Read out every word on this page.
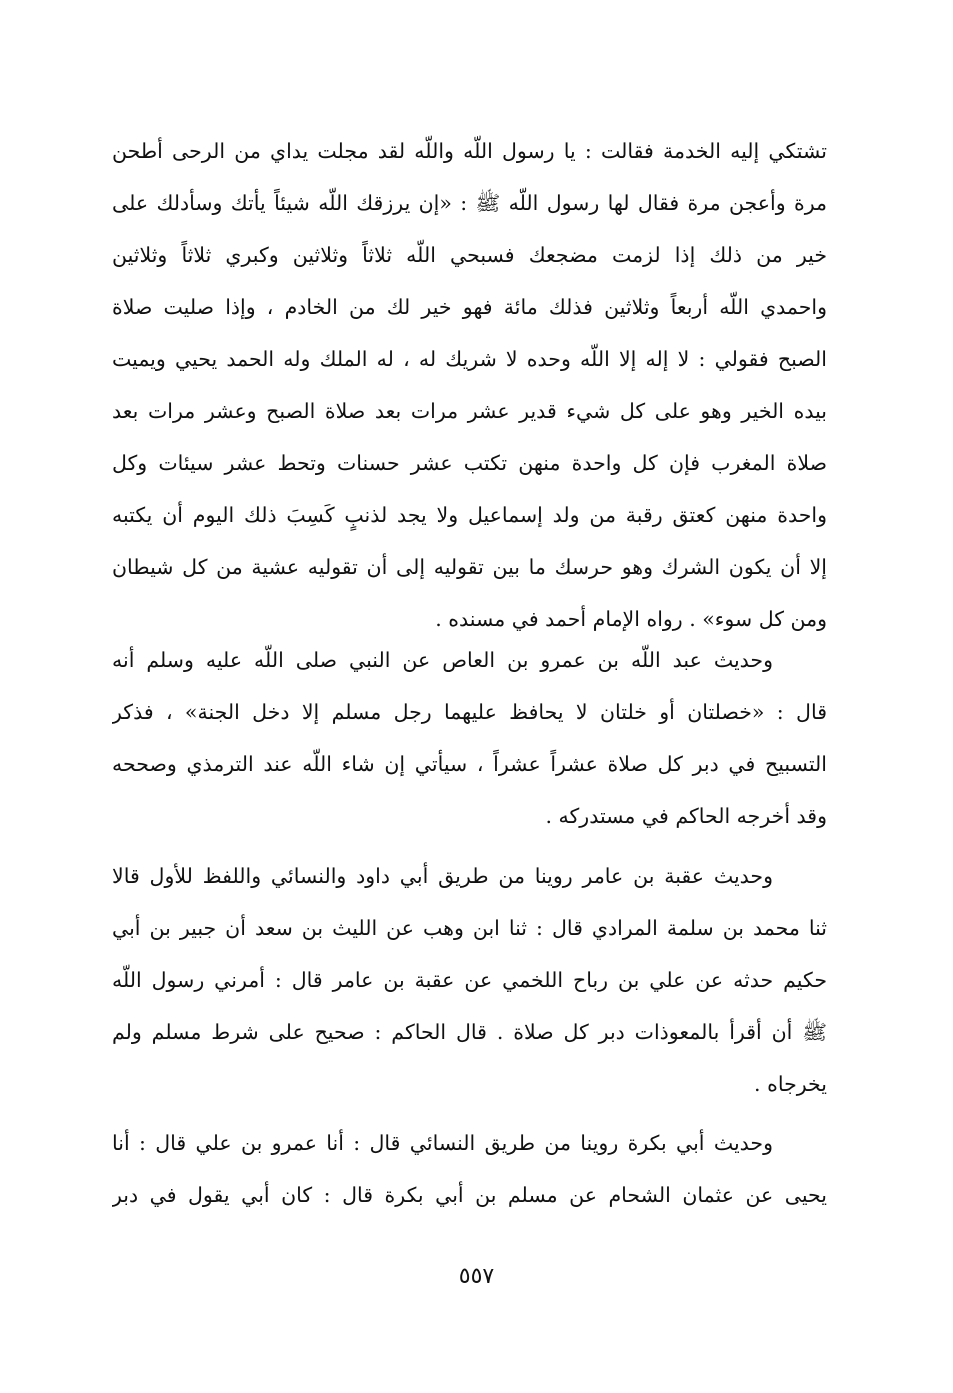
تشتكي إليه الخدمة فقالت : يا رسول اللّه واللّه لقد مجلت يداي من الرحى أطحن
مرة وأعجن مرة فقال لها رسول اللّه ﷺ : «إن يرزقك اللّه شيئاً يأتك وسأدلك على
خير من ذلك إذا لزمت مضجعك فسبحي اللّه ثلاثاً وثلاثين وكبري ثلاثاً وثلاثين
واحمدي اللّه أربعاً وثلاثين فذلك مائة فهو خير لك من الخادم ، وإذا صليت صلاة
الصبح فقولي : لا إله إلا اللّه وحده لا شريك له ، له الملك وله الحمد يحيي ويميت
بيده الخير وهو على كل شيء قدير عشر مرات بعد صلاة الصبح وعشر مرات بعد
صلاة المغرب فإن كل واحدة منهن تكتب عشر حسنات وتحط عشر سيئات وكل
واحدة منهن كعتق رقبة من ولد إسماعيل ولا يجد لذنبٍ كَسِبَ ذلك اليوم أن يكتبه
إلا أن يكون الشرك وهو حرسك ما بين تقوليه إلى أن تقوليه عشية من كل شيطان
ومن كل سوء» . رواه الإمام أحمد في مسنده .
وحديث عبد اللّه بن عمرو بن العاص عن النبي صلى اللّه عليه وسلم أنه
قال : «خصلتان أو خلتان لا يحافظ عليهما رجل مسلم إلا دخل الجنة» ، فذكر
التسبيح في دبر كل صلاة عشراً عشراً ، سيأتي إن شاء اللّه عند الترمذي وصححه
وقد أخرجه الحاكم في مستدركه .
وحديث عقبة بن عامر روينا من طريق أبي داود والنسائي واللفظ للأول قالا
ثنا محمد بن سلمة المرادي قال : ثنا ابن وهب عن الليث بن سعد أن جبير بن أبي
حكيم حدثه عن علي بن رباح اللخمي عن عقبة بن عامر قال : أمرني رسول اللّه
ﷺ أن أقرأ بالمعوذات دبر كل صلاة . قال الحاكم : صحيح على شرط مسلم ولم
يخرجاه .
وحديث أبي بكرة روينا من طريق النسائي قال : أنا عمرو بن علي قال : أنا
يحيى عن عثمان الشحام عن مسلم بن أبي بكرة قال : كان أبي يقول في دبر
٥٥٧
